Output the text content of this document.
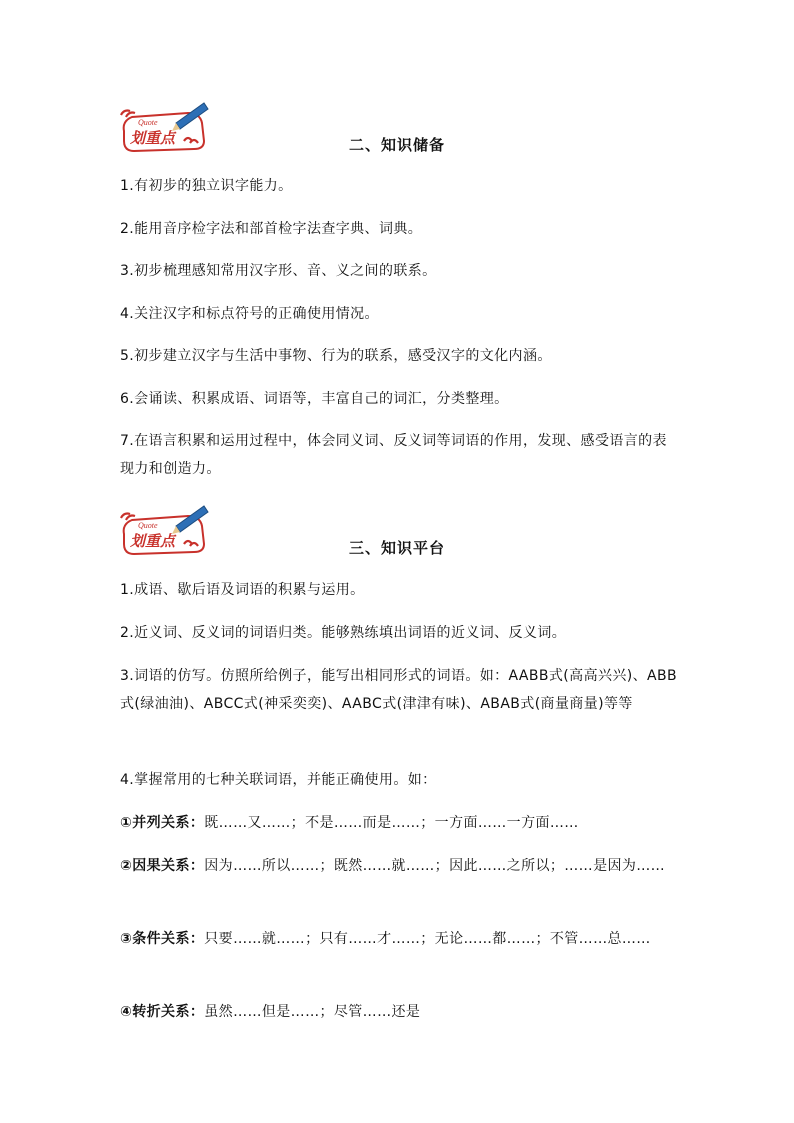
Quote
划重点	二、知识储备
1.有初步的独立识字能力。
2.能用音序检字法和部首检字法查字典、词典。
3.初步梳理感知常用汉字形、音、义之间的联系。
4.关注汉字和标点符号的正确使用情况。
5.初步建立汉字与生活中事物、行为的联系，感受汉字的文化内涵。
6.会诵读、积累成语、词语等，丰富自己的词汇，分类整理。
7.在语言积累和运用过程中，体会同义词、反义词等词语的作用，发现、感受语言的表现力和创造力。
Quote
划重点	三、知识平台
1.成语、歇后语及词语的积累与运用。
2.近义词、反义词的词语归类。能够熟练填出词语的近义词、反义词。
3.词语的仿写。仿照所给例子，能写出相同形式的词语。如：AABB式(高高兴兴)、ABB式(绿油油)、ABCC式(神采奕奕)、AABC式(津津有味)、ABAB式(商量商量)等等
4.掌握常用的七种关联词语，并能正确使用。如：
①并列关系：既……又……；不是……而是……；一方面……一方面……
②因果关系：因为……所以……；既然……就……；因此……之所以；……是因为……
③条件关系：只要……就……；只有……才……；无论……都……；不管……总……
④转折关系：虽然……但是……；尽管……还是
